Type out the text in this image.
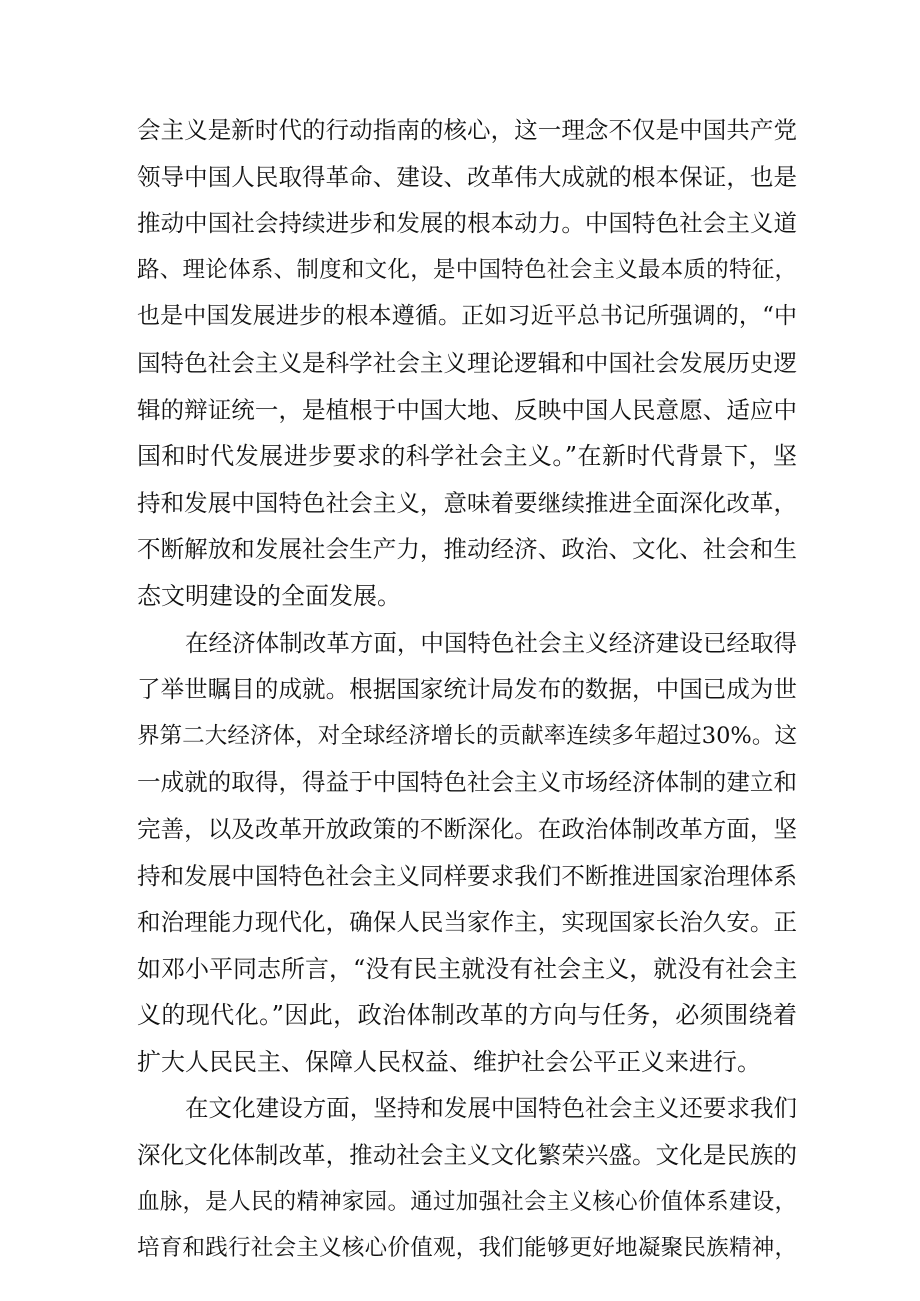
会主义是新时代的行动指南的核心，这一理念不仅是中国共产党
领导中国人民取得革命、建设、改革伟大成就的根本保证，也是
推动中国社会持续进步和发展的根本动力。中国特色社会主义道
路、理论体系、制度和文化，是中国特色社会主义最本质的特征，
也是中国发展进步的根本遵循。正如习近平总书记所强调的，“中
国特色社会主义是科学社会主义理论逻辑和中国社会发展历史逻
辑的辩证统一，是植根于中国大地、反映中国人民意愿、适应中
国和时代发展进步要求的科学社会主义。”在新时代背景下，坚
持和发展中国特色社会主义，意味着要继续推进全面深化改革，
不断解放和发展社会生产力，推动经济、政治、文化、社会和生
态文明建设的全面发展。

在经济体制改革方面，中国特色社会主义经济建设已经取得
了举世瞩目的成就。根据国家统计局发布的数据，中国已成为世
界第二大经济体，对全球经济增长的贡献率连续多年超过30%。这
一成就的取得，得益于中国特色社会主义市场经济体制的建立和
完善，以及改革开放政策的不断深化。在政治体制改革方面，坚
持和发展中国特色社会主义同样要求我们不断推进国家治理体系
和治理能力现代化，确保人民当家作主，实现国家长治久安。正
如邓小平同志所言，“没有民主就没有社会主义，就没有社会主
义的现代化。”因此，政治体制改革的方向与任务，必须围绕着
扩大人民民主、保障人民权益、维护社会公平正义来进行。

在文化建设方面，坚持和发展中国特色社会主义还要求我们
深化文化体制改革，推动社会主义文化繁荣兴盛。文化是民族的
血脉，是人民的精神家园。通过加强社会主义核心价值体系建设，
培育和践行社会主义核心价值观，我们能够更好地凝聚民族精神，
